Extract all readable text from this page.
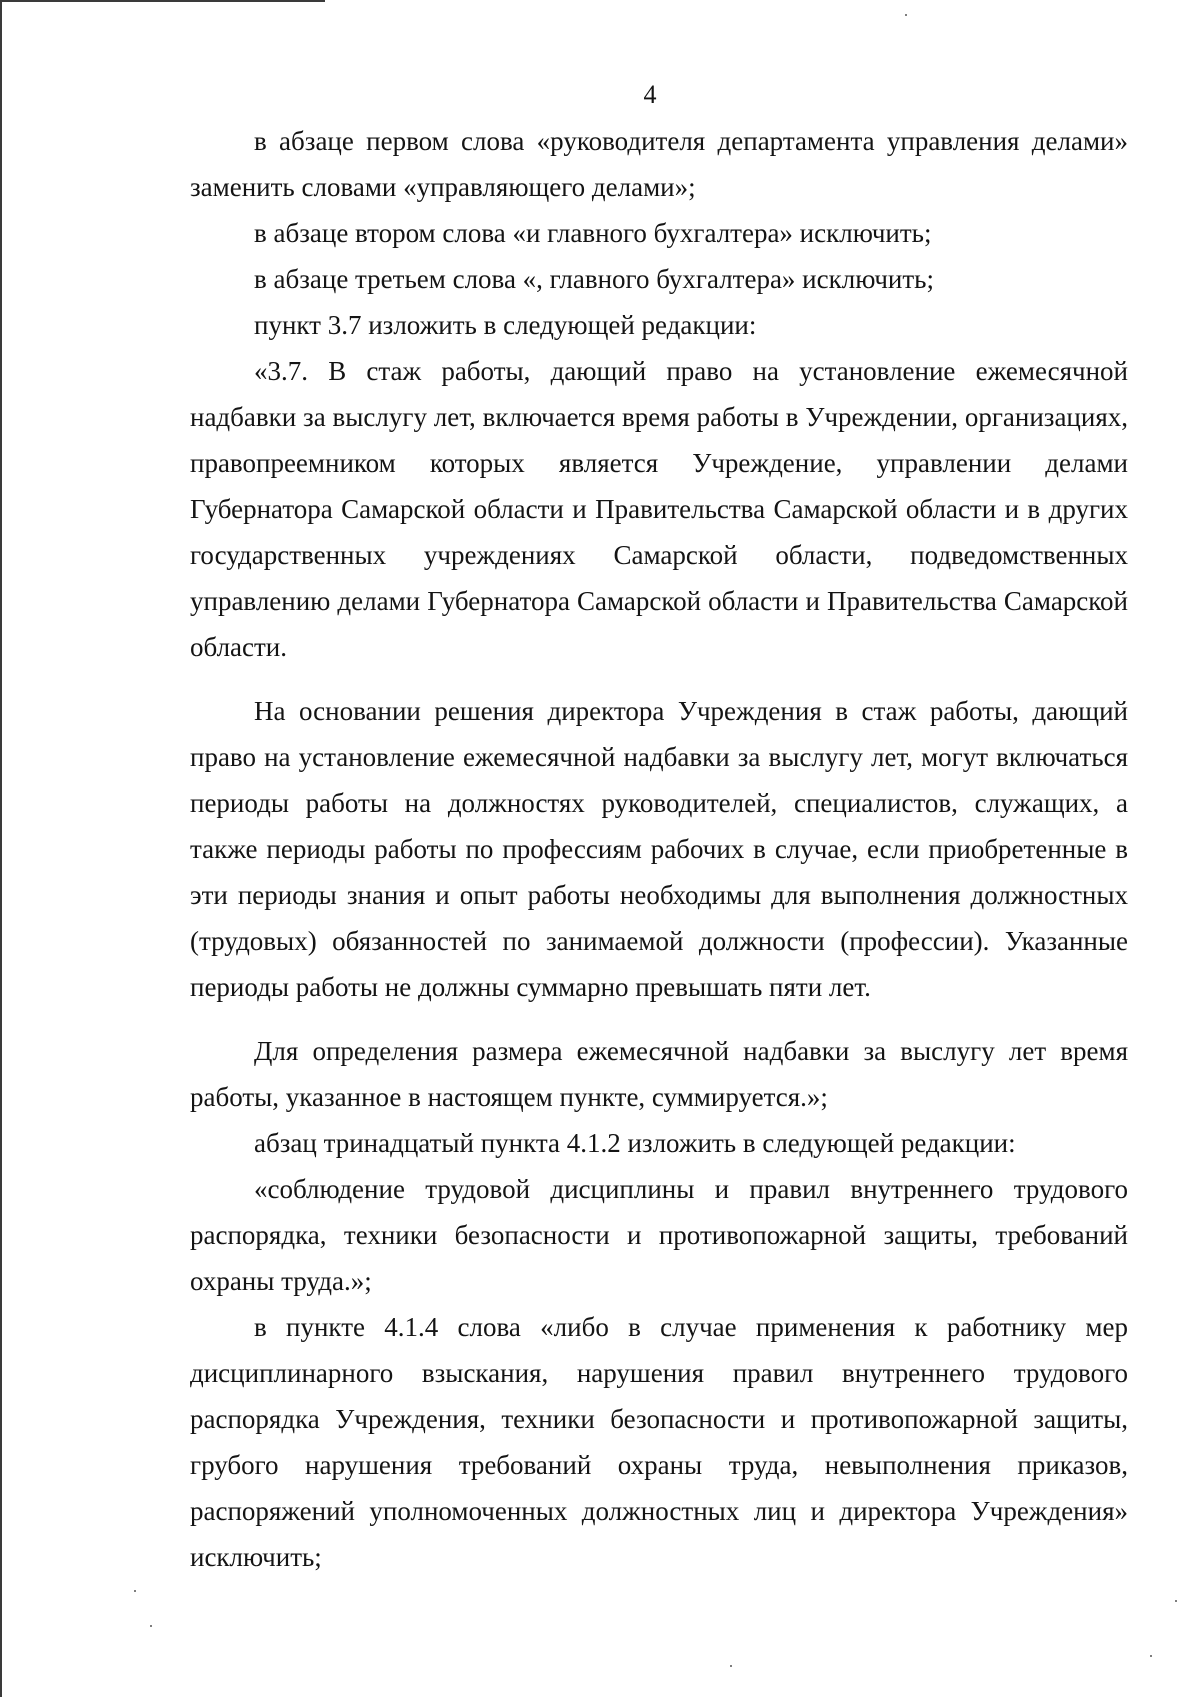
4

в абзаце первом слова «руководителя департамента управления делами» заменить словами «управляющего делами»;

в абзаце втором слова «и главного бухгалтера» исключить;

в абзаце третьем слова «, главного бухгалтера» исключить;

пункт 3.7 изложить в следующей редакции:

«3.7. В стаж работы, дающий право на установление ежемесячной надбавки за выслугу лет, включается время работы в Учреждении, организациях, правопреемником которых является Учреждение, управлении делами Губернатора Самарской области и Правительства Самарской области и в других государственных учреждениях Самарской области, подведомственных управлению делами Губернатора Самарской области и Правительства Самарской области.

На основании решения директора Учреждения в стаж работы, дающий право на установление ежемесячной надбавки за выслугу лет, могут включаться периоды работы на должностях руководителей, специалистов, служащих, а также периоды работы по профессиям рабочих в случае, если приобретенные в эти периоды знания и опыт работы необходимы для выполнения должностных (трудовых) обязанностей по занимаемой должности (профессии). Указанные периоды работы не должны суммарно превышать пяти лет.

Для определения размера ежемесячной надбавки за выслугу лет время работы, указанное в настоящем пункте, суммируется.»;

абзац тринадцатый пункта 4.1.2 изложить в следующей редакции:

«соблюдение трудовой дисциплины и правил внутреннего трудового распорядка, техники безопасности и противопожарной защиты, требований охраны труда.»;

в пункте 4.1.4 слова «либо в случае применения к работнику мер дисциплинарного взыскания, нарушения правил внутреннего трудового распорядка Учреждения, техники безопасности и противопожарной защиты, грубого нарушения требований охраны труда, невыполнения приказов, распоряжений уполномоченных должностных лиц и директора Учреждения» исключить;
